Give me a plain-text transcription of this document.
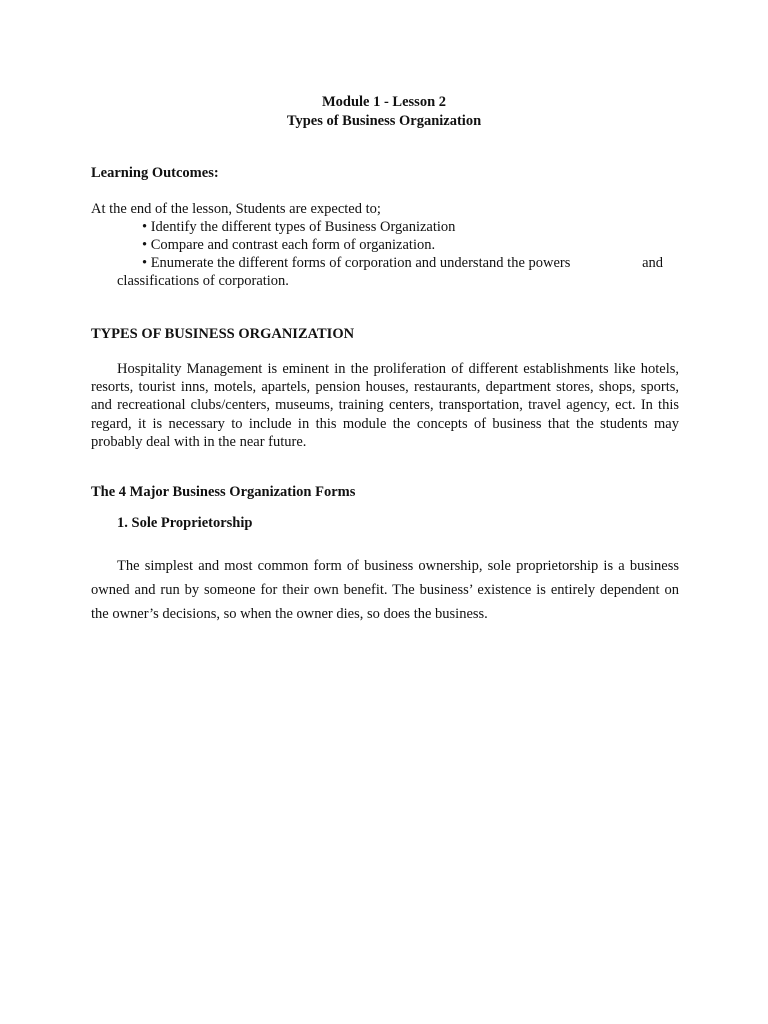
Module 1 - Lesson 2
Types of Business Organization
Learning Outcomes:
At the end of the lesson, Students are expected to;
• Identify the different types of Business Organization
• Compare and contrast each form of organization.
• Enumerate the different forms of corporation and understand the powers	and
classifications of corporation.
TYPES OF BUSINESS ORGANIZATION

Hospitality Management is eminent in the proliferation of different establishments like hotels, resorts, tourist inns, motels, apartels, pension houses, restaurants, department stores, shops, sports, and recreational clubs/centers, museums, training centers, transportation, travel agency, ect. In this regard, it is necessary to include in this module the concepts of business that the students may probably deal with in the near future.

The 4 Major Business Organization Forms
1. Sole Proprietorship

The simplest and most common form of business ownership, sole proprietorship is a business owned and run by someone for their own benefit. The business’ existence is entirely dependent on the owner’s decisions, so when the owner dies, so does the business.
